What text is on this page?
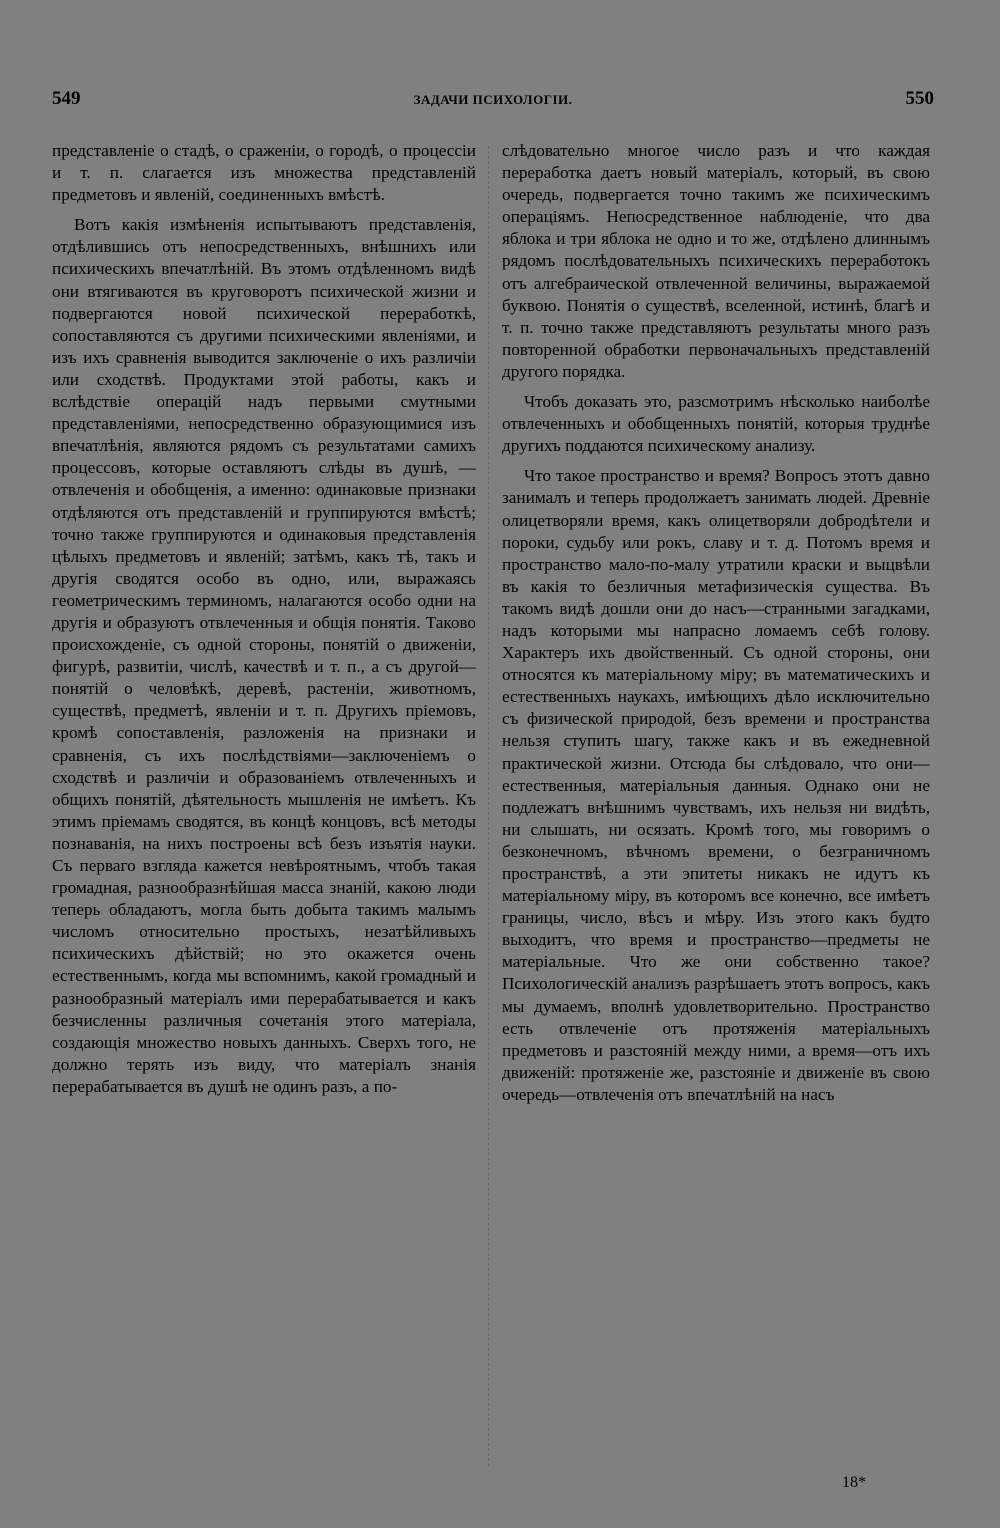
549	ЗАДАЧИ ПСИХОЛОГIИ.	550

представленіе о стадѣ, о сраженіи, о городѣ, о процессіи и т. п. слагается изъ множества представленій предметовъ и явленій, соединенныхъ вмѣстѣ.

Вотъ какія измѣненія испытываютъ представленія, отдѣлившись отъ непосредственныхъ, внѣшнихъ или психическихъ впечатлѣній. Въ этомъ отдѣленномъ видѣ они втягиваются въ круговоротъ психической жизни и подвергаются новой психической переработкѣ, сопоставляются съ другими психическими явленіями, и изъ ихъ сравненія выводится заключеніе о ихъ различіи или сходствѣ. Продуктами этой работы, какъ и вслѣдствіе операцій надъ первыми смутными представленіями, непосредственно образующимися изъ впечатлѣнія, являются рядомъ съ результатами самихъ процессовъ, которые оставляютъ слѣды въ душѣ, — отвлеченія и обобщенія, а именно: одинаковые признаки отдѣляются отъ представленій и группируются вмѣстѣ; точно также группируются и одинаковыя представленія цѣлыхъ предметовъ и явленій; затѣмъ, какъ тѣ, такъ и другія сводятся особо въ одно, или, выражаясь геометрическимъ терминомъ, налагаются особо одни на другія и образуютъ отвлеченныя и общія понятія. Таково происхожденіе, съ одной стороны, понятій о движеніи, фигурѣ, развитіи, числѣ, качествѣ и т. п., а съ другой—понятій о человѣкѣ, деревѣ, растеніи, животномъ, существѣ, предметѣ, явленіи и т. п. Другихъ пріемовъ, кромѣ сопоставленія, разложенія на признаки и сравненія, съ ихъ послѣдствіями—заключеніемъ о сходствѣ и различіи и образованіемъ отвлеченныхъ и общихъ понятій, дѣятельность мышленія не имѣетъ. Къ этимъ пріемамъ сводятся, въ концѣ концовъ, всѣ методы познаванія, на нихъ построены всѣ безъ изъятія науки. Съ перваго взгляда кажется невѣроятнымъ, чтобъ такая громадная, разнообразнѣйшая масса знаній, какою люди теперь обладаютъ, могла быть добыта такимъ малымъ числомъ относительно простыхъ, незатѣйливыхъ психическихъ дѣйствій; но это окажется очень естественнымъ, когда мы вспомнимъ, какой громадный и разнообразный матеріалъ ими перерабатывается и какъ безчисленны различныя сочетанія этого матеріала, создающія множество новыхъ данныхъ. Сверхъ того, не должно терять изъ виду, что матеріалъ знанія перерабатывается въ душѣ не одинъ разъ, а по-

слѣдовательно многое число разъ и что каждая переработка даетъ новый матеріалъ, который, въ свою очередь, подвергается точно такимъ же психическимъ операціямъ. Непосредственное наблюденіе, что два яблока и три яблока не одно и то же, отдѣлено длиннымъ рядомъ послѣдовательныхъ психическихъ переработокъ отъ алгебраической отвлеченной величины, выражаемой буквою. Понятія о существѣ, вселенной, истинѣ, благѣ и т. п. точно также представляютъ результаты много разъ повторенной обработки первоначальныхъ представленій другого порядка.

Чтобъ доказать это, разсмотримъ нѣсколько наиболѣе отвлеченныхъ и обобщенныхъ понятій, которыя труднѣе другихъ поддаются психическому анализу.

Что такое пространство и время? Вопросъ этотъ давно занималъ и теперь продолжаетъ занимать людей. Древніе олицетворяли время, какъ олицетворяли добродѣтели и пороки, судьбу или рокъ, славу и т. д. Потомъ время и пространство мало-по-малу утратили краски и выцвѣли въ какія то безличныя метафизическія существа. Въ такомъ видѣ дошли они до насъ—странными загадками, надъ которыми мы напрасно ломаемъ себѣ голову. Характеръ ихъ двойственный. Съ одной стороны, они относятся къ матеріальному міру; въ математическихъ и естественныхъ наукахъ, имѣющихъ дѣло исключительно съ физической природой, безъ времени и пространства нельзя ступить шагу, также какъ и въ ежедневной практической жизни. Отсюда бы слѣдовало, что они—естественныя, матеріальныя данныя. Однако они не подлежатъ внѣшнимъ чувствамъ, ихъ нельзя ни видѣть, ни слышать, ни осязать. Кромѣ того, мы говоримъ о безконечномъ, вѣчномъ времени, о безграничномъ пространствѣ, а эти эпитеты никакъ не идутъ къ матеріальному міру, въ которомъ все конечно, все имѣетъ границы, число, вѣсъ и мѣру. Изъ этого какъ будто выходитъ, что время и пространство—предметы не матеріальные. Что же они собственно такое? Психологическій анализъ разрѣшаетъ этотъ вопросъ, какъ мы думаемъ, вполнѣ удовлетворительно. Пространство есть отвлеченіе отъ протяженія матеріальныхъ предметовъ и разстояній между ними, а время—отъ ихъ движеній: протяженіе же, разстояніе и движеніе въ свою очередь—отвлеченія отъ впечатлѣній на насъ

18*
